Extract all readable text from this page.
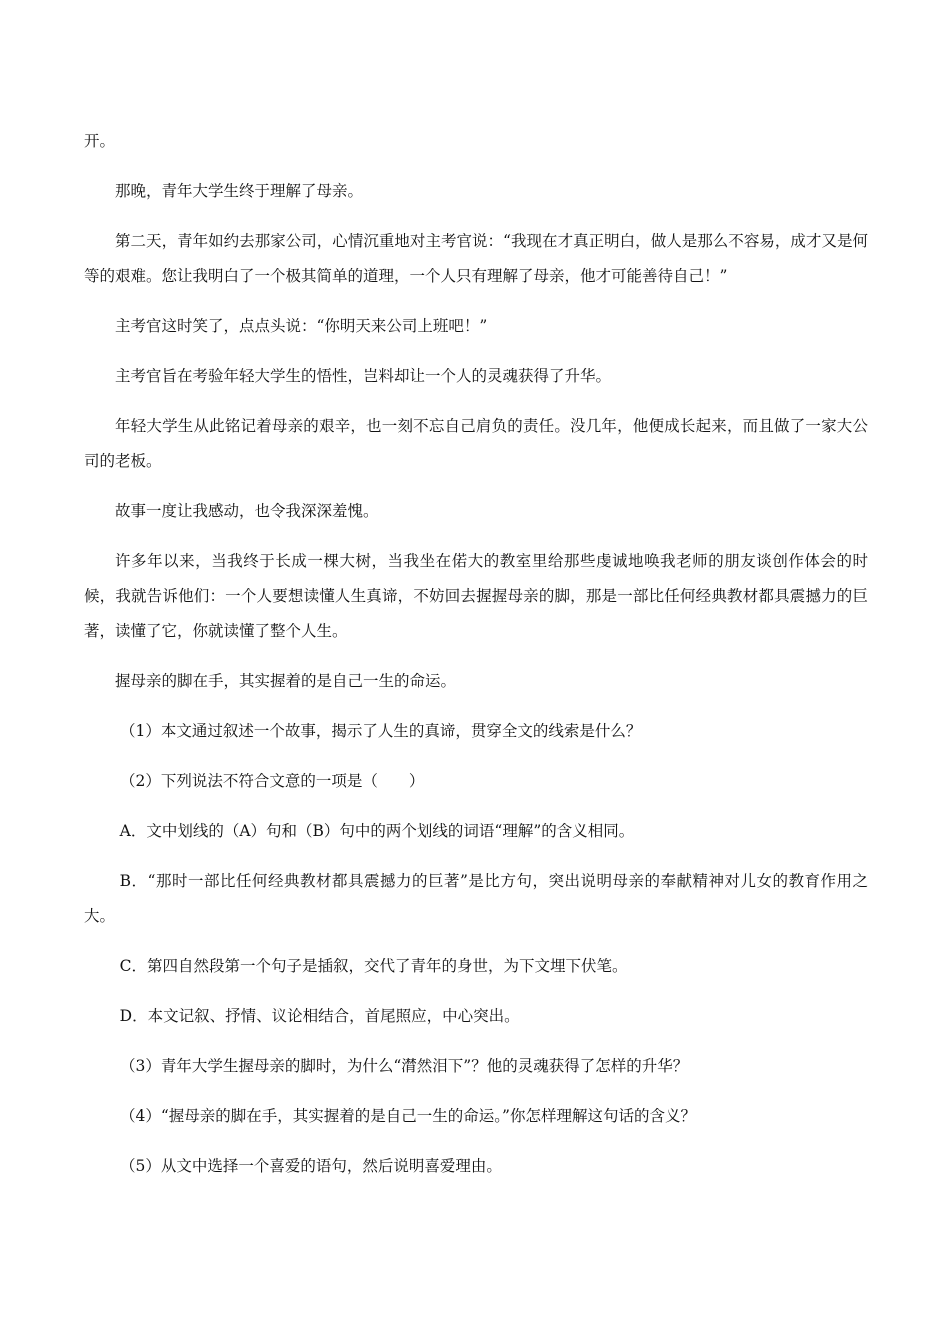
开。

那晚，青年大学生终于理解了母亲。

第二天，青年如约去那家公司，心情沉重地对主考官说：“我现在才真正明白，做人是那么不容易，成才又是何等的艰难。您让我明白了一个极其简单的道理，一个人只有理解了母亲，他才可能善待自己！”

主考官这时笑了，点点头说：“你明天来公司上班吧！”

主考官旨在考验年轻大学生的悟性，岂料却让一个人的灵魂获得了升华。

年轻大学生从此铭记着母亲的艰辛，也一刻不忘自己肩负的责任。没几年，他便成长起来，而且做了一家大公司的老板。

故事一度让我感动，也令我深深羞愧。

许多年以来，当我终于长成一棵大树，当我坐在偌大的教室里给那些虔诚地唤我老师的朋友谈创作体会的时候，我就告诉他们：一个人要想读懂人生真谛，不妨回去握握母亲的脚，那是一部比任何经典教材都具震撼力的巨著，读懂了它，你就读懂了整个人生。

握母亲的脚在手，其实握着的是自己一生的命运。

（1）本文通过叙述一个故事，揭示了人生的真谛，贯穿全文的线索是什么？

（2）下列说法不符合文意的一项是（　　）

A．文中划线的（A）句和（B）句中的两个划线的词语“理解”的含义相同。

B．“那时一部比任何经典教材都具震撼力的巨著”是比方句，突出说明母亲的奉献精神对儿女的教育作用之大。

C．第四自然段第一个句子是插叙，交代了青年的身世，为下文埋下伏笔。

D．本文记叙、抒情、议论相结合，首尾照应，中心突出。

（3）青年大学生握母亲的脚时，为什么“潸然泪下”？他的灵魂获得了怎样的升华？

（4）“握母亲的脚在手，其实握着的是自己一生的命运。”你怎样理解这句话的含义？

（5）从文中选择一个喜爱的语句，然后说明喜爱理由。
